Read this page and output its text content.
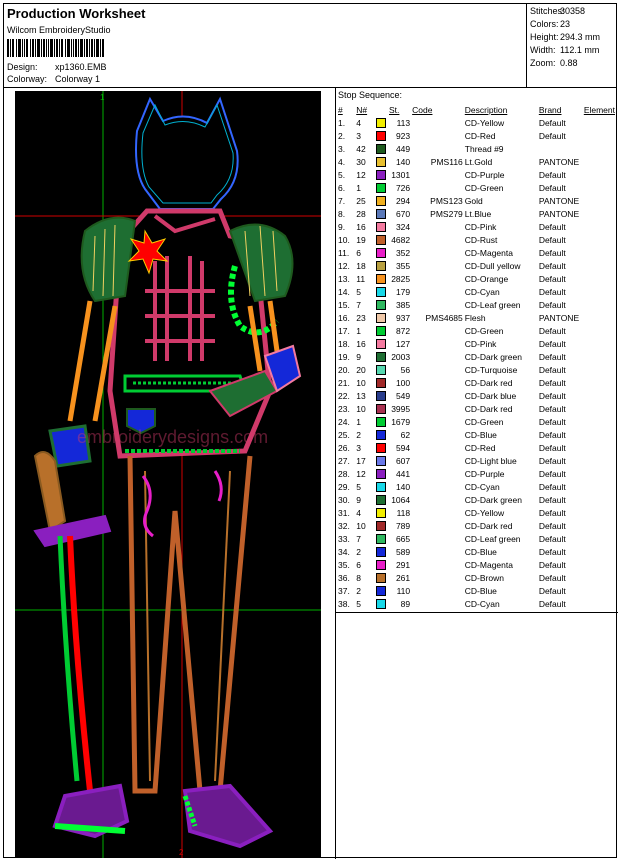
Production Worksheet
Wilcom EmbroideryStudio
Design: xp1360.EMB
Colorway: Colorway 1
Stitches:
30358
Colors: 23
Height: 294.3 mm
Width: 112.1 mm
Zoom: 0.88
embroiderydesigns.com
1
2
Stop Sequence:
#	N#		St.	Code	Description	Brand	Element
1.	4		113		CD-Yellow	Default	
2.	3		923		CD-Red	Default	
3.	42		449		Thread #9		
4.	30		140	PMS116	Lt.Gold	PANTONE	
5.	12		1301		CD-Purple	Default	
6.	1		726		CD-Green	Default	
7.	25		294	PMS123	Gold	PANTONE	
8.	28		670	PMS279	Lt.Blue	PANTONE	
9.	16		324		CD-Pink	Default	
10.	19		4682		CD-Rust	Default	
11.	6		352		CD-Magenta	Default	
12.	18		355		CD-Dull yellow	Default	
13.	11		2825		CD-Orange	Default	
14.	5		179		CD-Cyan	Default	
15.	7		385		CD-Leaf green	Default	
16.	23		937	PMS4685	Flesh	PANTONE	
17.	1		872		CD-Green	Default	
18.	16		127		CD-Pink	Default	
19.	9		2003		CD-Dark green	Default	
20.	20		56		CD-Turquoise	Default	
21.	10		100		CD-Dark red	Default	
22.	13		549		CD-Dark blue	Default	
23.	10		3995		CD-Dark red	Default	
24.	1		1679		CD-Green	Default	
25.	2		62		CD-Blue	Default	
26.	3		594		CD-Red	Default	
27.	17		607		CD-Light blue	Default	
28.	12		441		CD-Purple	Default	
29.	5		140		CD-Cyan	Default	
30.	9		1064		CD-Dark green	Default	
31.	4		118		CD-Yellow	Default	
32.	10		789		CD-Dark red	Default	
33.	7		665		CD-Leaf green	Default	
34.	2		589		CD-Blue	Default	
35.	6		291		CD-Magenta	Default	
36.	8		261		CD-Brown	Default	
37.	2		110		CD-Blue	Default	
38.	5		89		CD-Cyan	Default	
